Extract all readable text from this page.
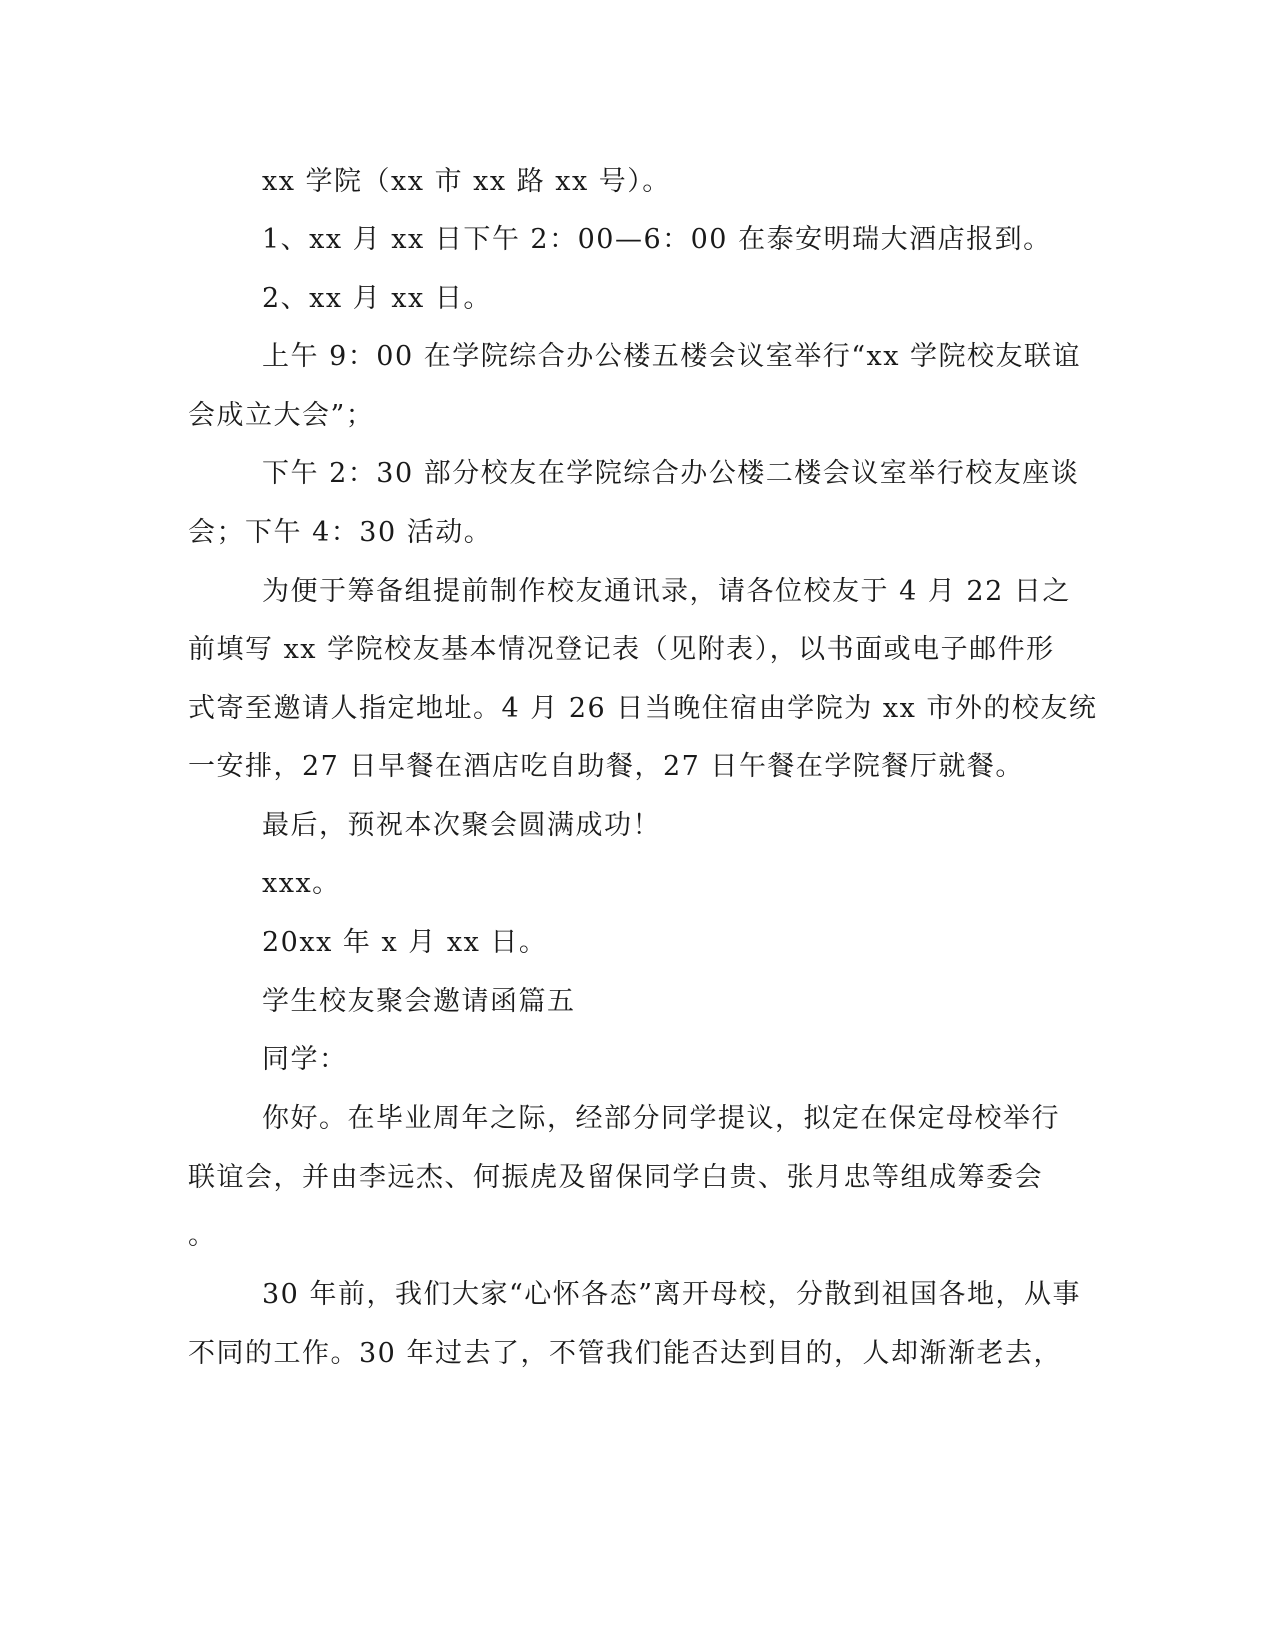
xx 学院（xx 市 xx 路 xx 号）。
1、xx 月 xx 日下午 2：00—6：00 在泰安明瑞大酒店报到。
2、xx 月 xx 日。
上午 9：00 在学院综合办公楼五楼会议室举行“xx 学院校友联谊
会成立大会”；
下午 2：30 部分校友在学院综合办公楼二楼会议室举行校友座谈
会；下午 4：30 活动。
为便于筹备组提前制作校友通讯录，请各位校友于 4 月 22 日之
前填写 xx 学院校友基本情况登记表（见附表），以书面或电子邮件形
式寄至邀请人指定地址。4 月 26 日当晚住宿由学院为 xx 市外的校友统
一安排，27 日早餐在酒店吃自助餐，27 日午餐在学院餐厅就餐。
最后，预祝本次聚会圆满成功！
xxx。
20xx 年 x 月 xx 日。
学生校友聚会邀请函篇五
同学：
你好。在毕业周年之际，经部分同学提议，拟定在保定母校举行
联谊会，并由李远杰、何振虎及留保同学白贵、张月忠等组成筹委会
。
30 年前，我们大家“心怀各态”离开母校，分散到祖国各地，从事
不同的工作。30 年过去了，不管我们能否达到目的，人却渐渐老去，
